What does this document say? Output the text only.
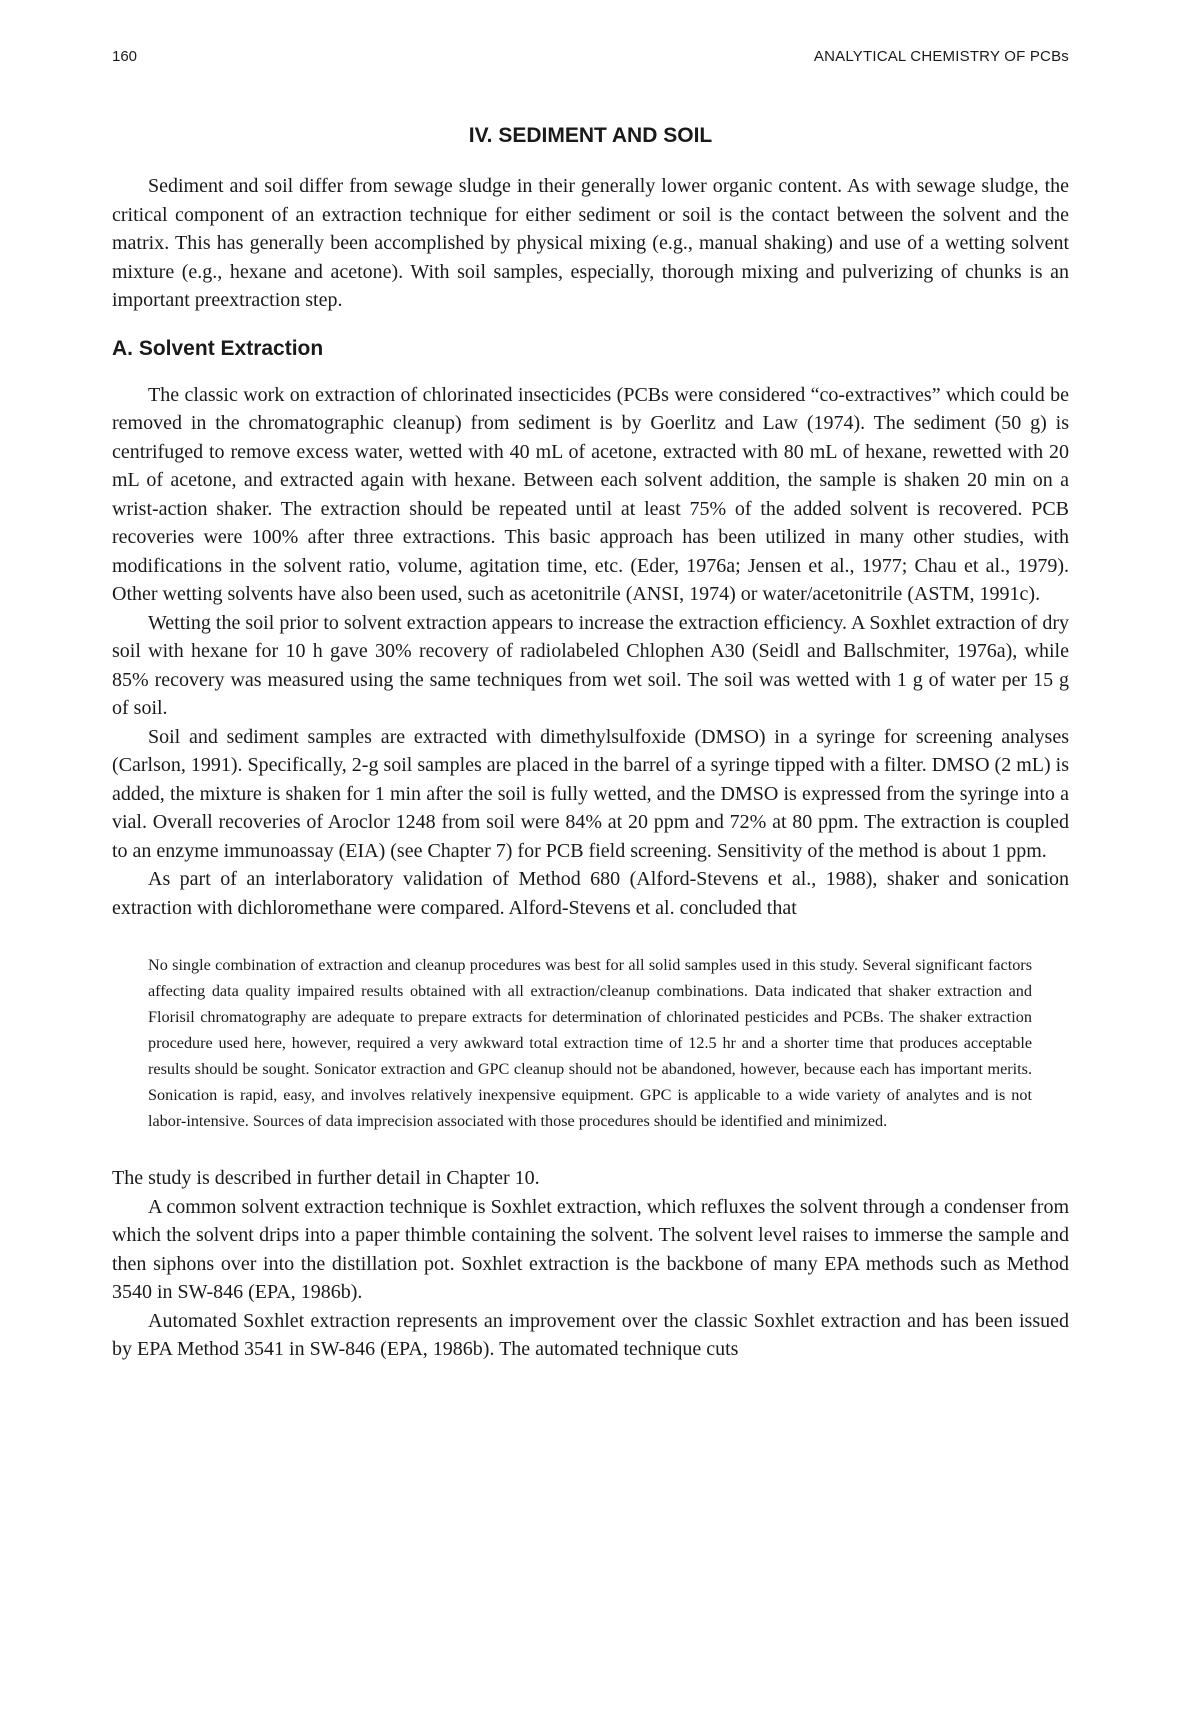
160	ANALYTICAL CHEMISTRY OF PCBs
IV. SEDIMENT AND SOIL

Sediment and soil differ from sewage sludge in their generally lower organic content. As with sewage sludge, the critical component of an extraction technique for either sediment or soil is the contact between the solvent and the matrix. This has generally been accomplished by physical mixing (e.g., manual shaking) and use of a wetting solvent mixture (e.g., hexane and acetone). With soil samples, especially, thorough mixing and pulverizing of chunks is an important preextraction step.

A. Solvent Extraction

The classic work on extraction of chlorinated insecticides (PCBs were considered “co-extractives” which could be removed in the chromatographic cleanup) from sediment is by Goerlitz and Law (1974). The sediment (50 g) is centrifuged to remove excess water, wetted with 40 mL of acetone, extracted with 80 mL of hexane, rewetted with 20 mL of acetone, and extracted again with hexane. Between each solvent addition, the sample is shaken 20 min on a wrist-action shaker. The extraction should be repeated until at least 75% of the added solvent is recovered. PCB recoveries were 100% after three extractions. This basic approach has been utilized in many other studies, with modifications in the solvent ratio, volume, agitation time, etc. (Eder, 1976a; Jensen et al., 1977; Chau et al., 1979). Other wetting solvents have also been used, such as acetonitrile (ANSI, 1974) or water/acetonitrile (ASTM, 1991c).

Wetting the soil prior to solvent extraction appears to increase the extraction efficiency. A Soxhlet extraction of dry soil with hexane for 10 h gave 30% recovery of radiolabeled Chlophen A30 (Seidl and Ballschmiter, 1976a), while 85% recovery was measured using the same techniques from wet soil. The soil was wetted with 1 g of water per 15 g of soil.

Soil and sediment samples are extracted with dimethylsulfoxide (DMSO) in a syringe for screening analyses (Carlson, 1991). Specifically, 2-g soil samples are placed in the barrel of a syringe tipped with a filter. DMSO (2 mL) is added, the mixture is shaken for 1 min after the soil is fully wetted, and the DMSO is expressed from the syringe into a vial. Overall recoveries of Aroclor 1248 from soil were 84% at 20 ppm and 72% at 80 ppm. The extraction is coupled to an enzyme immunoassay (EIA) (see Chapter 7) for PCB field screening. Sensitivity of the method is about 1 ppm.

As part of an interlaboratory validation of Method 680 (Alford-Stevens et al., 1988), shaker and sonication extraction with dichloromethane were compared. Alford-Stevens et al. concluded that

No single combination of extraction and cleanup procedures was best for all solid samples used in this study. Several significant factors affecting data quality impaired results obtained with all extraction/cleanup combinations. Data indicated that shaker extraction and Florisil chromatography are adequate to prepare extracts for determination of chlorinated pesticides and PCBs. The shaker extraction procedure used here, however, required a very awkward total extraction time of 12.5 hr and a shorter time that produces acceptable results should be sought. Sonicator extraction and GPC cleanup should not be abandoned, however, because each has important merits. Sonication is rapid, easy, and involves relatively inexpensive equipment. GPC is applicable to a wide variety of analytes and is not labor-intensive. Sources of data imprecision associated with those procedures should be identified and minimized.

The study is described in further detail in Chapter 10.

A common solvent extraction technique is Soxhlet extraction, which refluxes the solvent through a condenser from which the solvent drips into a paper thimble containing the solvent. The solvent level raises to immerse the sample and then siphons over into the distillation pot. Soxhlet extraction is the backbone of many EPA methods such as Method 3540 in SW-846 (EPA, 1986b).

Automated Soxhlet extraction represents an improvement over the classic Soxhlet extraction and has been issued by EPA Method 3541 in SW-846 (EPA, 1986b). The automated technique cuts
